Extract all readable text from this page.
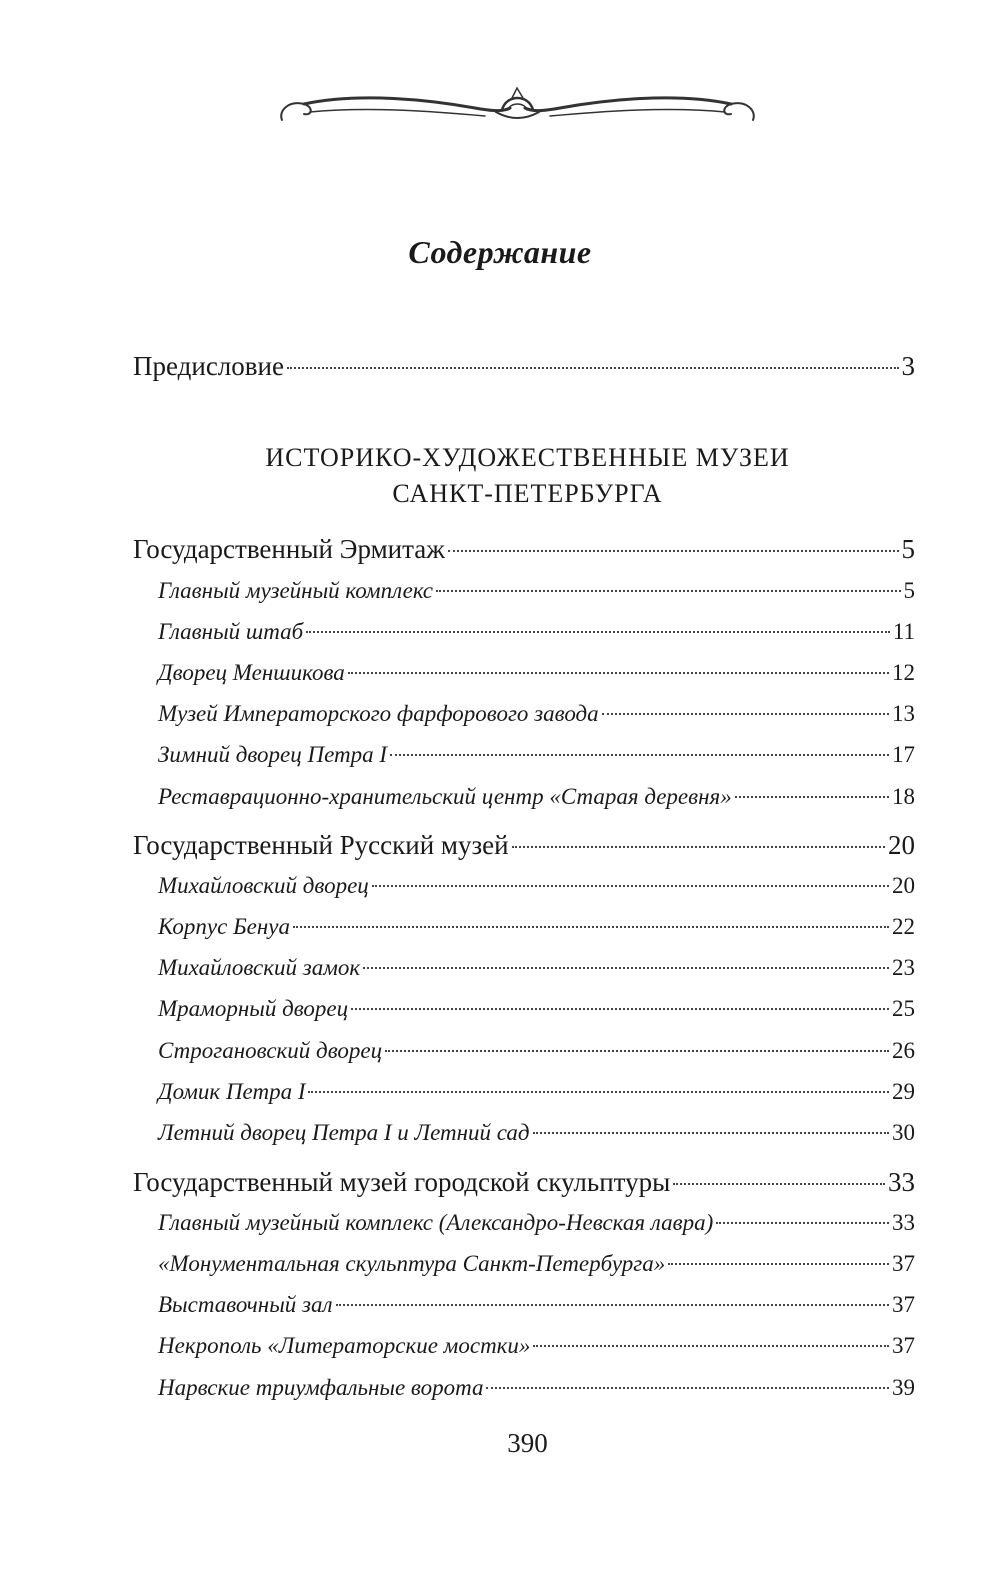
Содержание
Предисловие	3
ИСТОРИКО-ХУДОЖЕСТВЕННЫЕ МУЗЕИ
САНКТ-ПЕТЕРБУРГА
Государственный Эрмитаж	5
Главный музейный комплекс	5
Главный штаб	11
Дворец Меншикова	12
Музей Императорского фарфорового завода	13
Зимний дворец Петра I	17
Реставрационно-хранительский центр «Старая деревня»	18
Государственный Русский музей	20
Михайловский дворец	20
Корпус Бенуа	22
Михайловский замок	23
Мраморный дворец	25
Строгановский дворец	26
Домик Петра I	29
Летний дворец Петра I и Летний сад	30
Государственный музей городской скульптуры	33
Главный музейный комплекс (Александро-Невская лавра)	33
«Монументальная скульптура Санкт-Петербурга»	37
Выставочный зал	37
Некрополь «Литераторские мостки»	37
Нарвские триумфальные ворота	39
390
